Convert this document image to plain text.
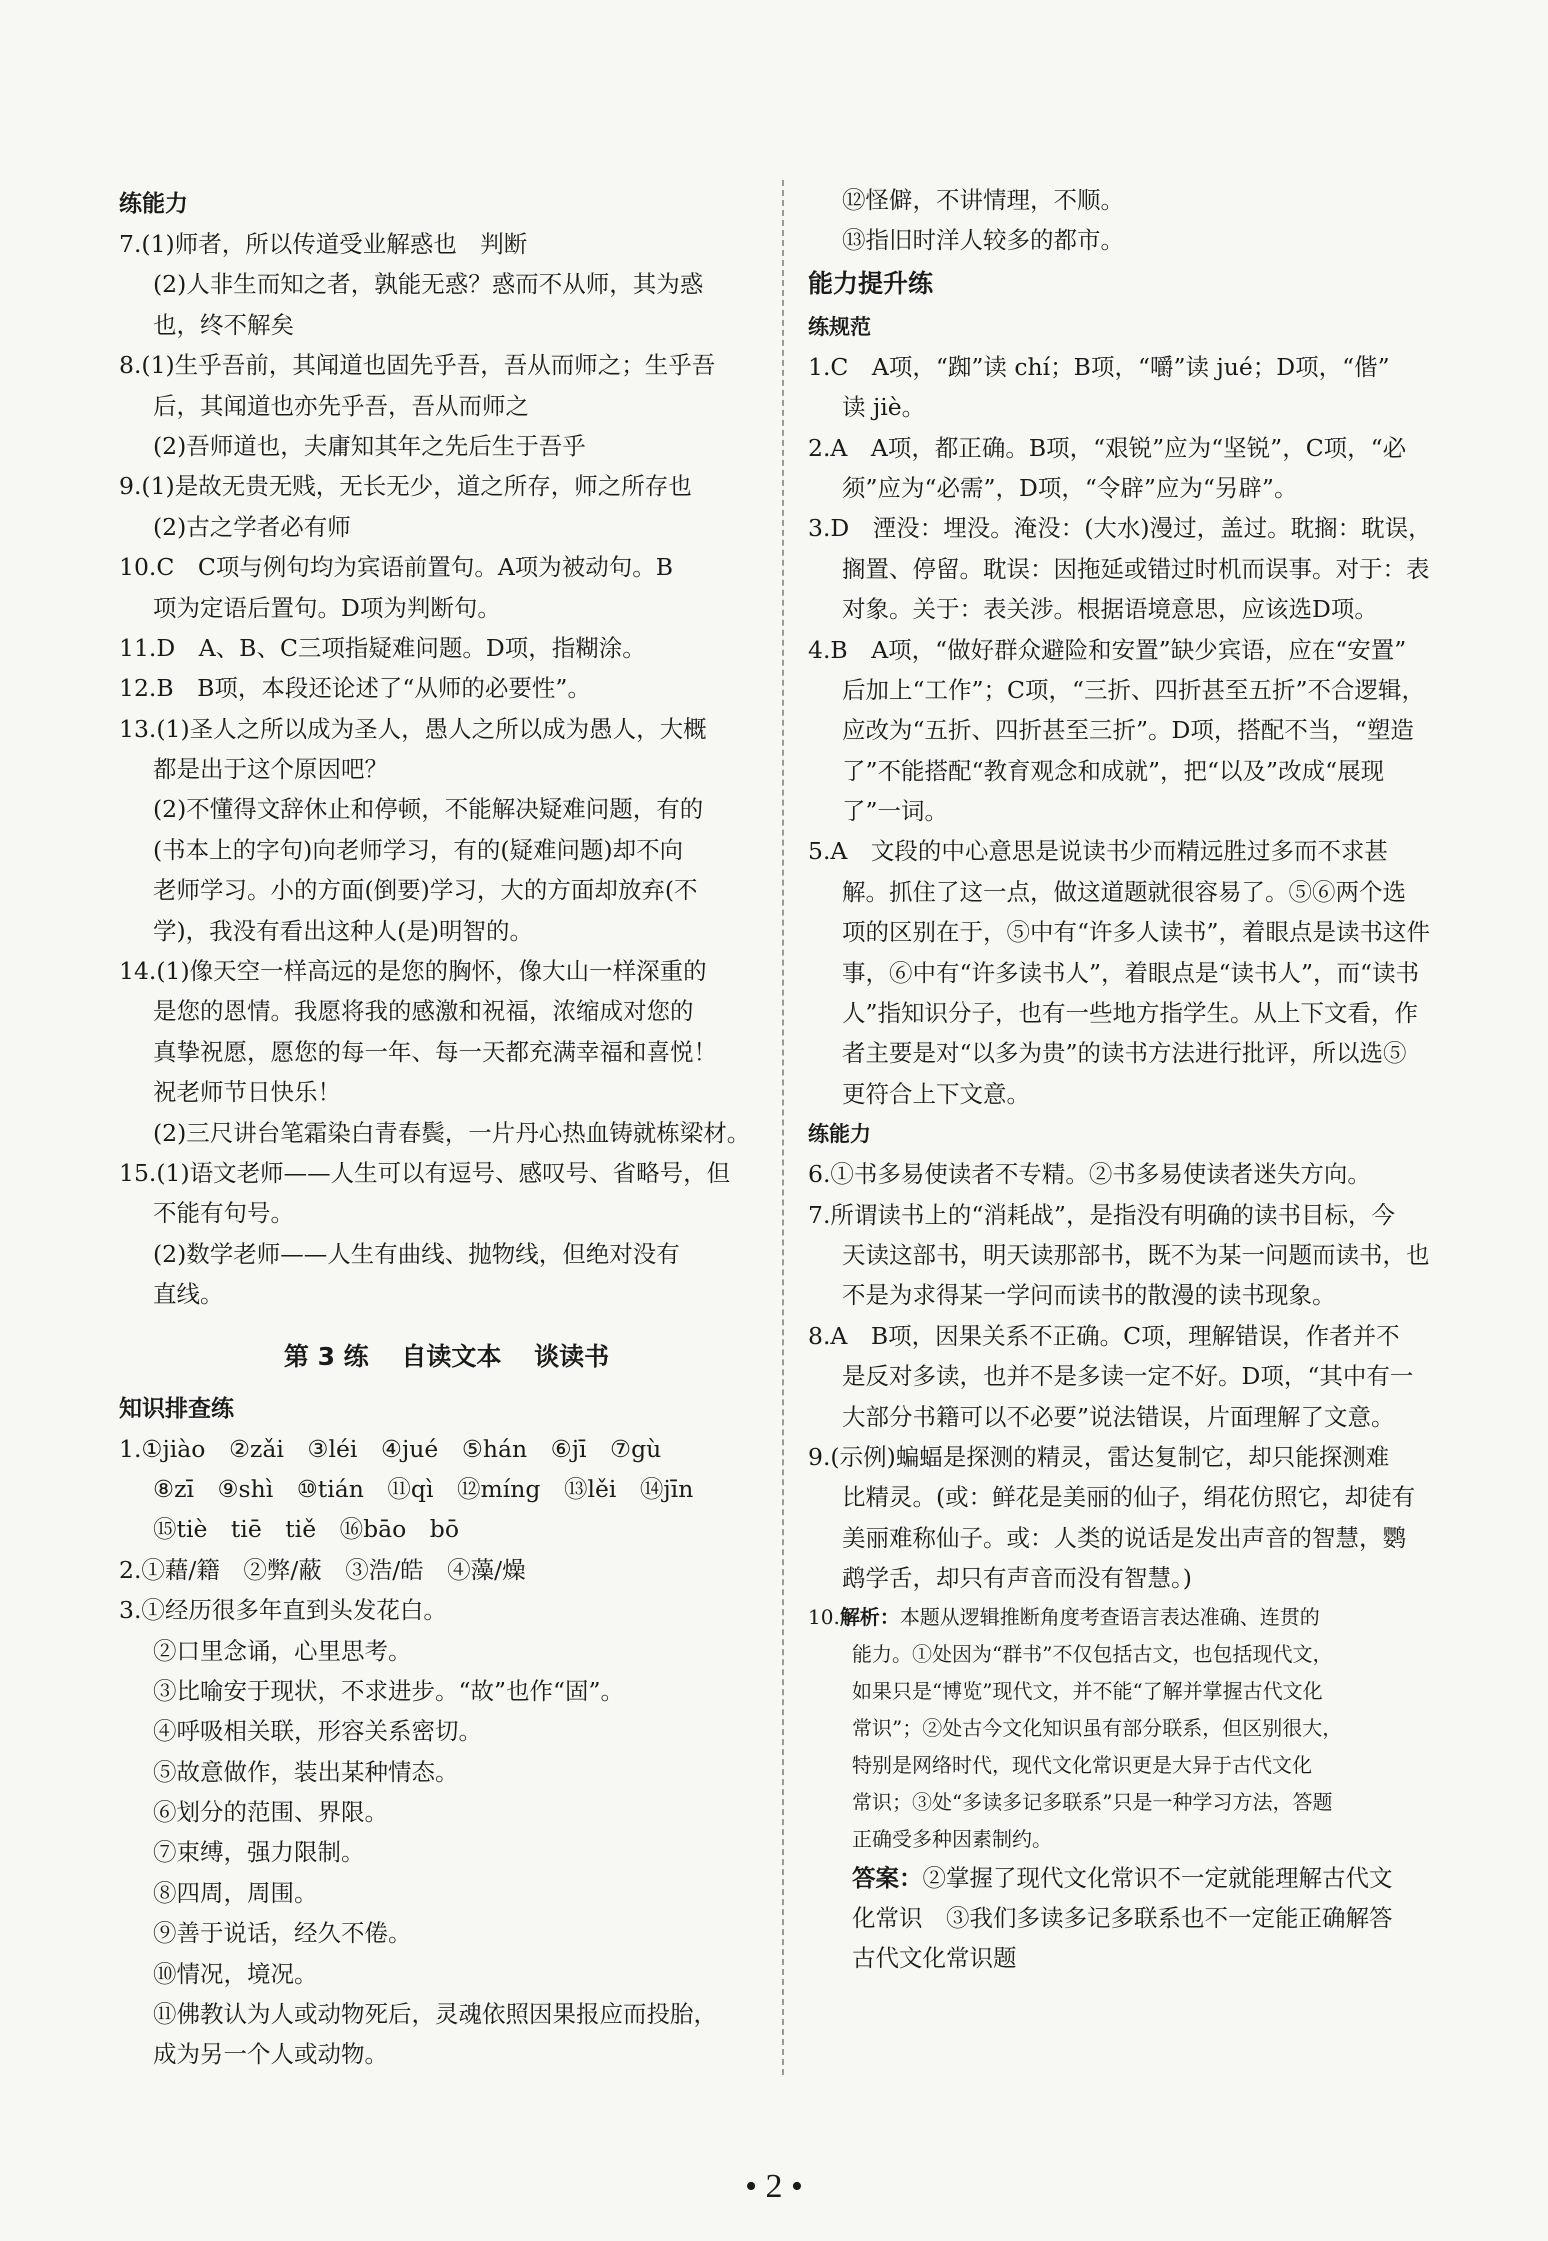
练能力
7.(1)师者，所以传道受业解惑也　判断
(2)人非生而知之者，孰能无惑？惑而不从师，其为惑
也，终不解矣
8.(1)生乎吾前，其闻道也固先乎吾，吾从而师之；生乎吾
后，其闻道也亦先乎吾，吾从而师之
(2)吾师道也，夫庸知其年之先后生于吾乎
9.(1)是故无贵无贱，无长无少，道之所存，师之所存也
(2)古之学者必有师
10.C　C项与例句均为宾语前置句。A项为被动句。B
项为定语后置句。D项为判断句。
11.D　A、B、C三项指疑难问题。D项，指糊涂。
12.B　B项，本段还论述了“从师的必要性”。
13.(1)圣人之所以成为圣人，愚人之所以成为愚人，大概
都是出于这个原因吧？
(2)不懂得文辞休止和停顿，不能解决疑难问题，有的
(书本上的字句)向老师学习，有的(疑难问题)却不向
老师学习。小的方面(倒要)学习，大的方面却放弃(不
学)，我没有看出这种人(是)明智的。
14.(1)像天空一样高远的是您的胸怀，像大山一样深重的
是您的恩情。我愿将我的感激和祝福，浓缩成对您的
真挚祝愿，愿您的每一年、每一天都充满幸福和喜悦！
祝老师节日快乐！
(2)三尺讲台笔霜染白青春鬓，一片丹心热血铸就栋梁材。
15.(1)语文老师——人生可以有逗号、感叹号、省略号，但
不能有句号。
(2)数学老师——人生有曲线、抛物线，但绝对没有
直线。
第 3 练 自读文本 谈读书
知识排查练
1.①jiào　②zǎi　③léi　④jué　⑤hán　⑥jī　⑦gù
⑧zī　⑨shì　⑩tián　⑪qì　⑫míng　⑬lěi　⑭jīn
⑮tiè　tiē　tiě　⑯bāo　bō
2.①藉/籍　②弊/蔽　③浩/皓　④藻/燥
3.①经历很多年直到头发花白。
②口里念诵，心里思考。
③比喻安于现状，不求进步。“故”也作“固”。
④呼吸相关联，形容关系密切。
⑤故意做作，装出某种情态。
⑥划分的范围、界限。
⑦束缚，强力限制。
⑧四周，周围。
⑨善于说话，经久不倦。
⑩情况，境况。
⑪佛教认为人或动物死后，灵魂依照因果报应而投胎，
成为另一个人或动物。
⑫怪僻，不讲情理，不顺。
⑬指旧时洋人较多的都市。
能力提升练
练规范
1.C　A项，“踟”读 chí；B项，“嚼”读 jué；D项，“偕”
读 jiè。
2.A　A项，都正确。B项，“艰锐”应为“坚锐”，C项，“必
须”应为“必需”，D项，“令辟”应为“另辟”。
3.D　湮没：埋没。淹没：(大水)漫过，盖过。耽搁：耽误，
搁置、停留。耽误：因拖延或错过时机而误事。对于：表
对象。关于：表关涉。根据语境意思，应该选D项。
4.B　A项，“做好群众避险和安置”缺少宾语，应在“安置”
后加上“工作”；C项，“三折、四折甚至五折”不合逻辑，
应改为“五折、四折甚至三折”。D项，搭配不当，“塑造
了”不能搭配“教育观念和成就”，把“以及”改成“展现
了”一词。
5.A　文段的中心意思是说读书少而精远胜过多而不求甚
解。抓住了这一点，做这道题就很容易了。⑤⑥两个选
项的区别在于，⑤中有“许多人读书”，着眼点是读书这件
事，⑥中有“许多读书人”，着眼点是“读书人”，而“读书
人”指知识分子，也有一些地方指学生。从上下文看，作
者主要是对“以多为贵”的读书方法进行批评，所以选⑤
更符合上下文意。
练能力
6.①书多易使读者不专精。②书多易使读者迷失方向。
7.所谓读书上的“消耗战”，是指没有明确的读书目标，今
天读这部书，明天读那部书，既不为某一问题而读书，也
不是为求得某一学问而读书的散漫的读书现象。
8.A　B项，因果关系不正确。C项，理解错误，作者并不
是反对多读，也并不是多读一定不好。D项，“其中有一
大部分书籍可以不必要”说法错误，片面理解了文意。
9.(示例)蝙蝠是探测的精灵，雷达复制它，却只能探测难
比精灵。(或：鲜花是美丽的仙子，绢花仿照它，却徒有
美丽难称仙子。或：人类的说话是发出声音的智慧，鹦
鹉学舌，却只有声音而没有智慧。)
10.解析：本题从逻辑推断角度考查语言表达准确、连贯的
能力。①处因为“群书”不仅包括古文，也包括现代文，
如果只是“博览”现代文，并不能“了解并掌握古代文化
常识”；②处古今文化知识虽有部分联系，但区别很大，
特别是网络时代，现代文化常识更是大异于古代文化
常识；③处“多读多记多联系”只是一种学习方法，答题
正确受多种因素制约。
答案：②掌握了现代文化常识不一定就能理解古代文
化常识　③我们多读多记多联系也不一定能正确解答
古代文化常识题
• 2 •
